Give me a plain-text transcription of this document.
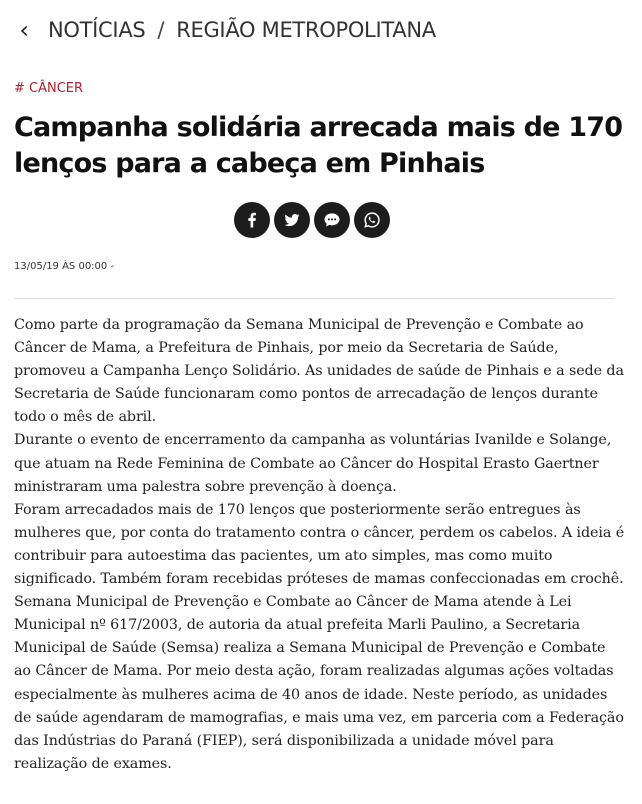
‹ NOTÍCIAS / REGIÃO METROPOLITANA
# CÂNCER
Campanha solidária arrecada mais de 170 lenços para a cabeça em Pinhais
13/05/19 ÀS 00:00 -

Como parte da programação da Semana Municipal de Prevenção e Combate ao Câncer de Mama, a Prefeitura de Pinhais, por meio da Secretaria de Saúde, promoveu a Campanha Lenço Solidário. As unidades de saúde de Pinhais e a sede da Secretaria de Saúde funcionaram como pontos de arrecadação de lenços durante todo o mês de abril.

Durante o evento de encerramento da campanha as voluntárias Ivanilde e Solange, que atuam na Rede Feminina de Combate ao Câncer do Hospital Erasto Gaertner ministraram uma palestra sobre prevenção à doença.

Foram arrecadados mais de 170 lenços que posteriormente serão entregues às mulheres que, por conta do tratamento contra o câncer, perdem os cabelos. A ideia é contribuir para autoestima das pacientes, um ato simples, mas como muito significado. Também foram recebidas próteses de mamas confeccionadas em crochê.

Semana Municipal de Prevenção e Combate ao Câncer de Mama atende à Lei Municipal nº 617/2003, de autoria da atual prefeita Marli Paulino, a Secretaria Municipal de Saúde (Semsa) realiza a Semana Municipal de Prevenção e Combate ao Câncer de Mama. Por meio desta ação, foram realizadas algumas ações voltadas especialmente às mulheres acima de 40 anos de idade. Neste período, as unidades de saúde agendaram de mamografias, e mais uma vez, em parceria com a Federação das Indústrias do Paraná (FIEP), será disponibilizada a unidade móvel para realização de exames.
